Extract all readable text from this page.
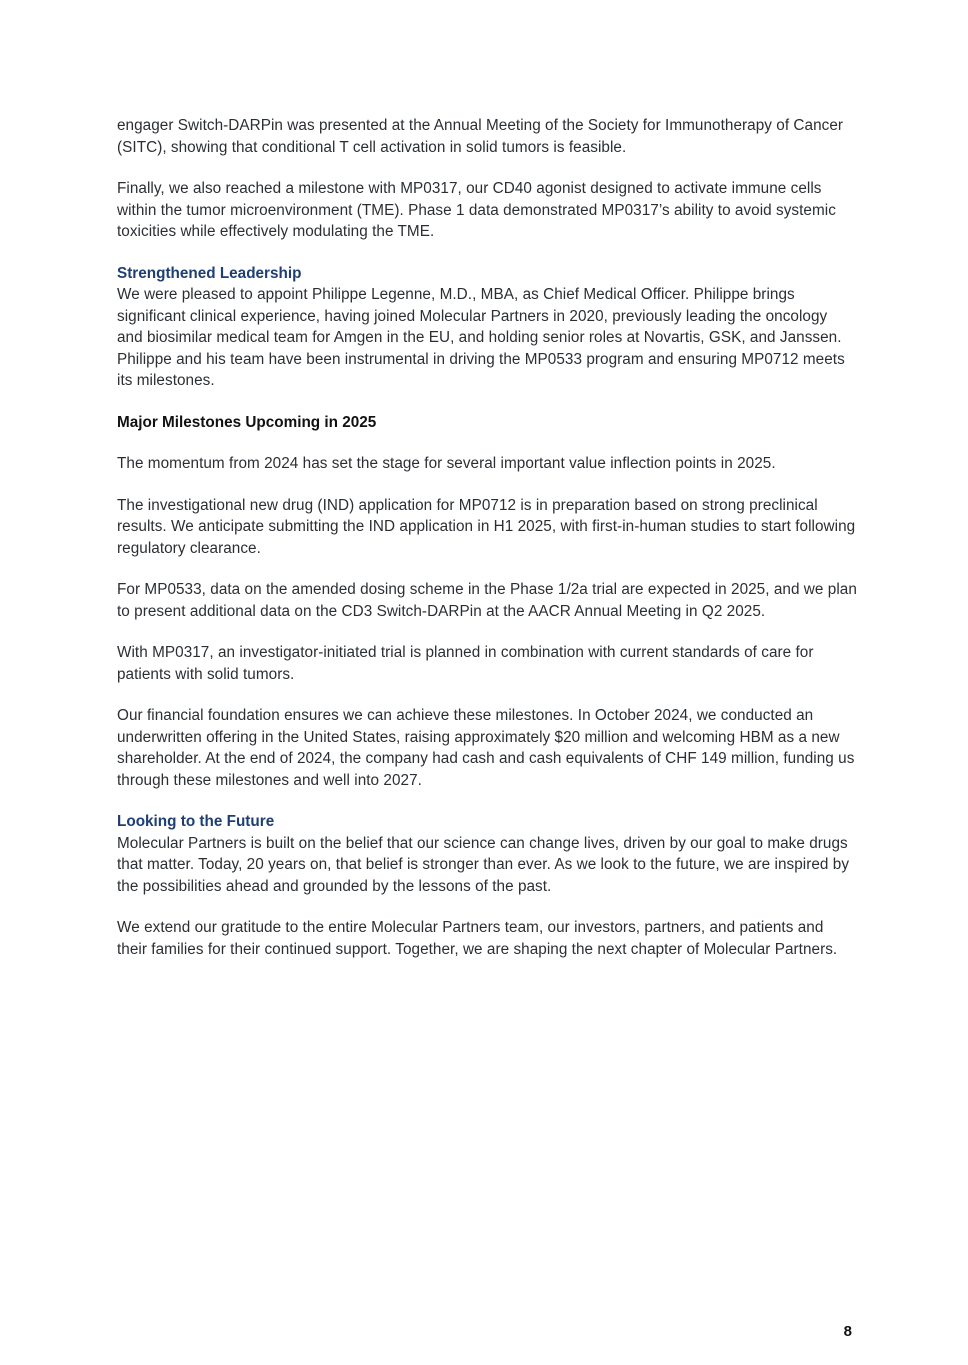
engager Switch-DARPin was presented at the Annual Meeting of the Society for Immunotherapy of Cancer (SITC), showing that conditional T cell activation in solid tumors is feasible.

Finally, we also reached a milestone with MP0317, our CD40 agonist designed to activate immune cells within the tumor microenvironment (TME). Phase 1 data demonstrated MP0317’s ability to avoid systemic toxicities while effectively modulating the TME.

Strengthened Leadership

We were pleased to appoint Philippe Legenne, M.D., MBA, as Chief Medical Officer. Philippe brings significant clinical experience, having joined Molecular Partners in 2020, previously leading the oncology and biosimilar medical team for Amgen in the EU, and holding senior roles at Novartis, GSK, and Janssen. Philippe and his team have been instrumental in driving the MP0533 program and ensuring MP0712 meets its milestones.

Major Milestones Upcoming in 2025

The momentum from 2024 has set the stage for several important value inflection points in 2025.

The investigational new drug (IND) application for MP0712 is in preparation based on strong preclinical results. We anticipate submitting the IND application in H1 2025, with first-in-human studies to start following regulatory clearance.

For MP0533, data on the amended dosing scheme in the Phase 1/2a trial are expected in 2025, and we plan to present additional data on the CD3 Switch-DARPin at the AACR Annual Meeting in Q2 2025.

With MP0317, an investigator-initiated trial is planned in combination with current standards of care for patients with solid tumors.

Our financial foundation ensures we can achieve these milestones. In October 2024, we conducted an underwritten offering in the United States, raising approximately $20 million and welcoming HBM as a new shareholder. At the end of 2024, the company had cash and cash equivalents of CHF 149 million, funding us through these milestones and well into 2027.

Looking to the Future

Molecular Partners is built on the belief that our science can change lives, driven by our goal to make drugs that matter. Today, 20 years on, that belief is stronger than ever. As we look to the future, we are inspired by the possibilities ahead and grounded by the lessons of the past.

We extend our gratitude to the entire Molecular Partners team, our investors, partners, and patients and their families for their continued support. Together, we are shaping the next chapter of Molecular Partners.

8
